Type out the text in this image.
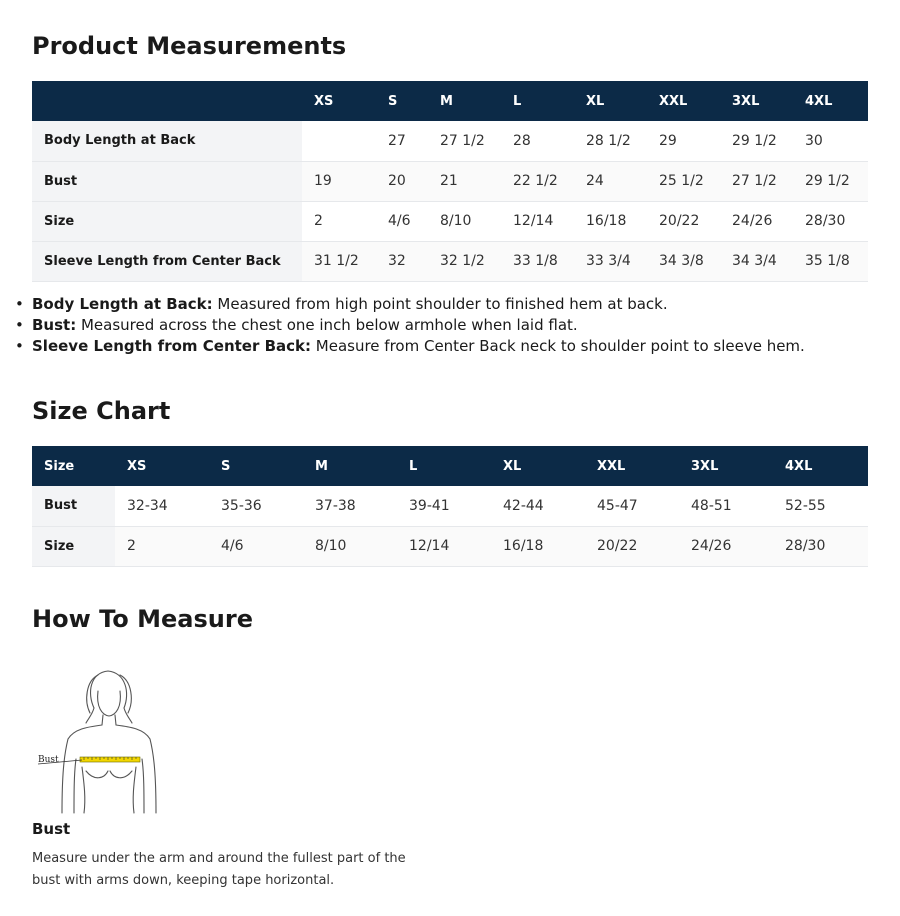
Product Measurements
	XS	S	M	L	XL	XXL	3XL	4XL
Body Length at Back		27	27 1/2	28	28 1/2	29	29 1/2	30
Bust	19	20	21	22 1/2	24	25 1/2	27 1/2	29 1/2
Size	2	4/6	8/10	12/14	16/18	20/22	24/26	28/30
Sleeve Length from Center Back	31 1/2	32	32 1/2	33 1/8	33 3/4	34 3/8	34 3/4	35 1/8
• Body Length at Back: Measured from high point shoulder to finished hem at back.
• Bust: Measured across the chest one inch below armhole when laid flat.
• Sleeve Length from Center Back: Measure from Center Back neck to shoulder point to sleeve hem.
Size Chart
Size	XS	S	M	L	XL	XXL	3XL	4XL
Bust	32-34	35-36	37-38	39-41	42-44	45-47	48-51	52-55
Size	2	4/6	8/10	12/14	16/18	20/22	24/26	28/30
How To Measure
Bust
Bust
Measure under the arm and around the fullest part of the bust with arms down, keeping tape horizontal.
